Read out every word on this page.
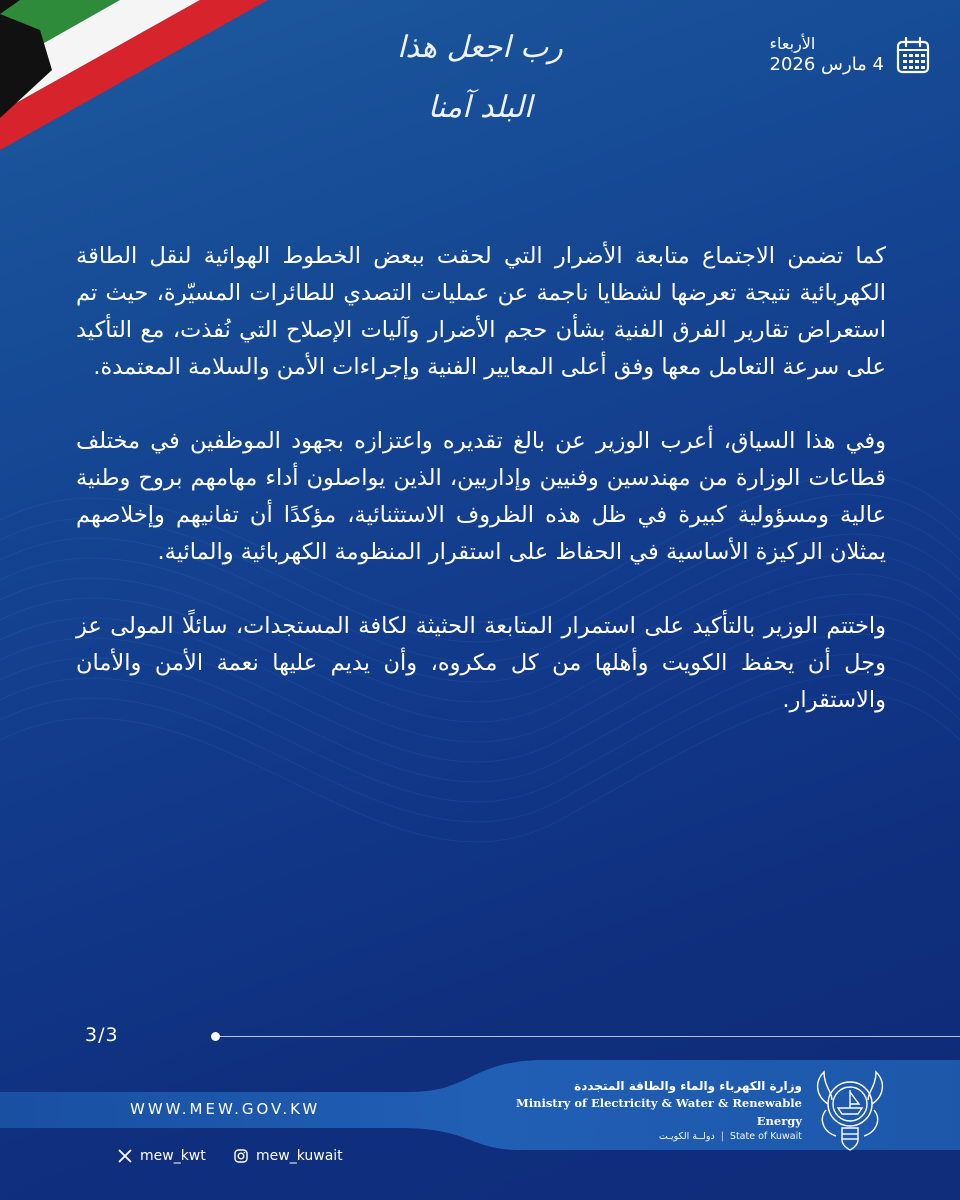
رب اجعل هذا البلد آمنا
الأربعاء
4 مارس 2026

كما تضمن الاجتماع متابعة الأضرار التي لحقت ببعض الخطوط الهوائية لنقل الطاقة الكهربائية نتيجة تعرضها لشظايا ناجمة عن عمليات التصدي للطائرات المسيّرة، حيث تم استعراض تقارير الفرق الفنية بشأن حجم الأضرار وآليات الإصلاح التي نُفذت، مع التأكيد على سرعة التعامل معها وفق أعلى المعايير الفنية وإجراءات الأمن والسلامة المعتمدة.

وفي هذا السياق، أعرب الوزير عن بالغ تقديره واعتزازه بجهود الموظفين في مختلف قطاعات الوزارة من مهندسين وفنيين وإداريين، الذين يواصلون أداء مهامهم بروح وطنية عالية ومسؤولية كبيرة في ظل هذه الظروف الاستثنائية، مؤكدًا أن تفانيهم وإخلاصهم يمثلان الركيزة الأساسية في الحفاظ على استقرار المنظومة الكهربائية والمائية.

واختتم الوزير بالتأكيد على استمرار المتابعة الحثيثة لكافة المستجدات، سائلًا المولى عز وجل أن يحفظ الكويت وأهلها من كل مكروه، وأن يديم عليها نعمة الأمن والأمان والاستقرار.

3/3
WWW.MEW.GOV.KW
mew_kwt	mew_kuwait
وزارة الكهرباء والماء والطاقة المتجددة
Ministry of Electricity & Water & Renewable Energy
دولــة الكويـت | State of Kuwait
